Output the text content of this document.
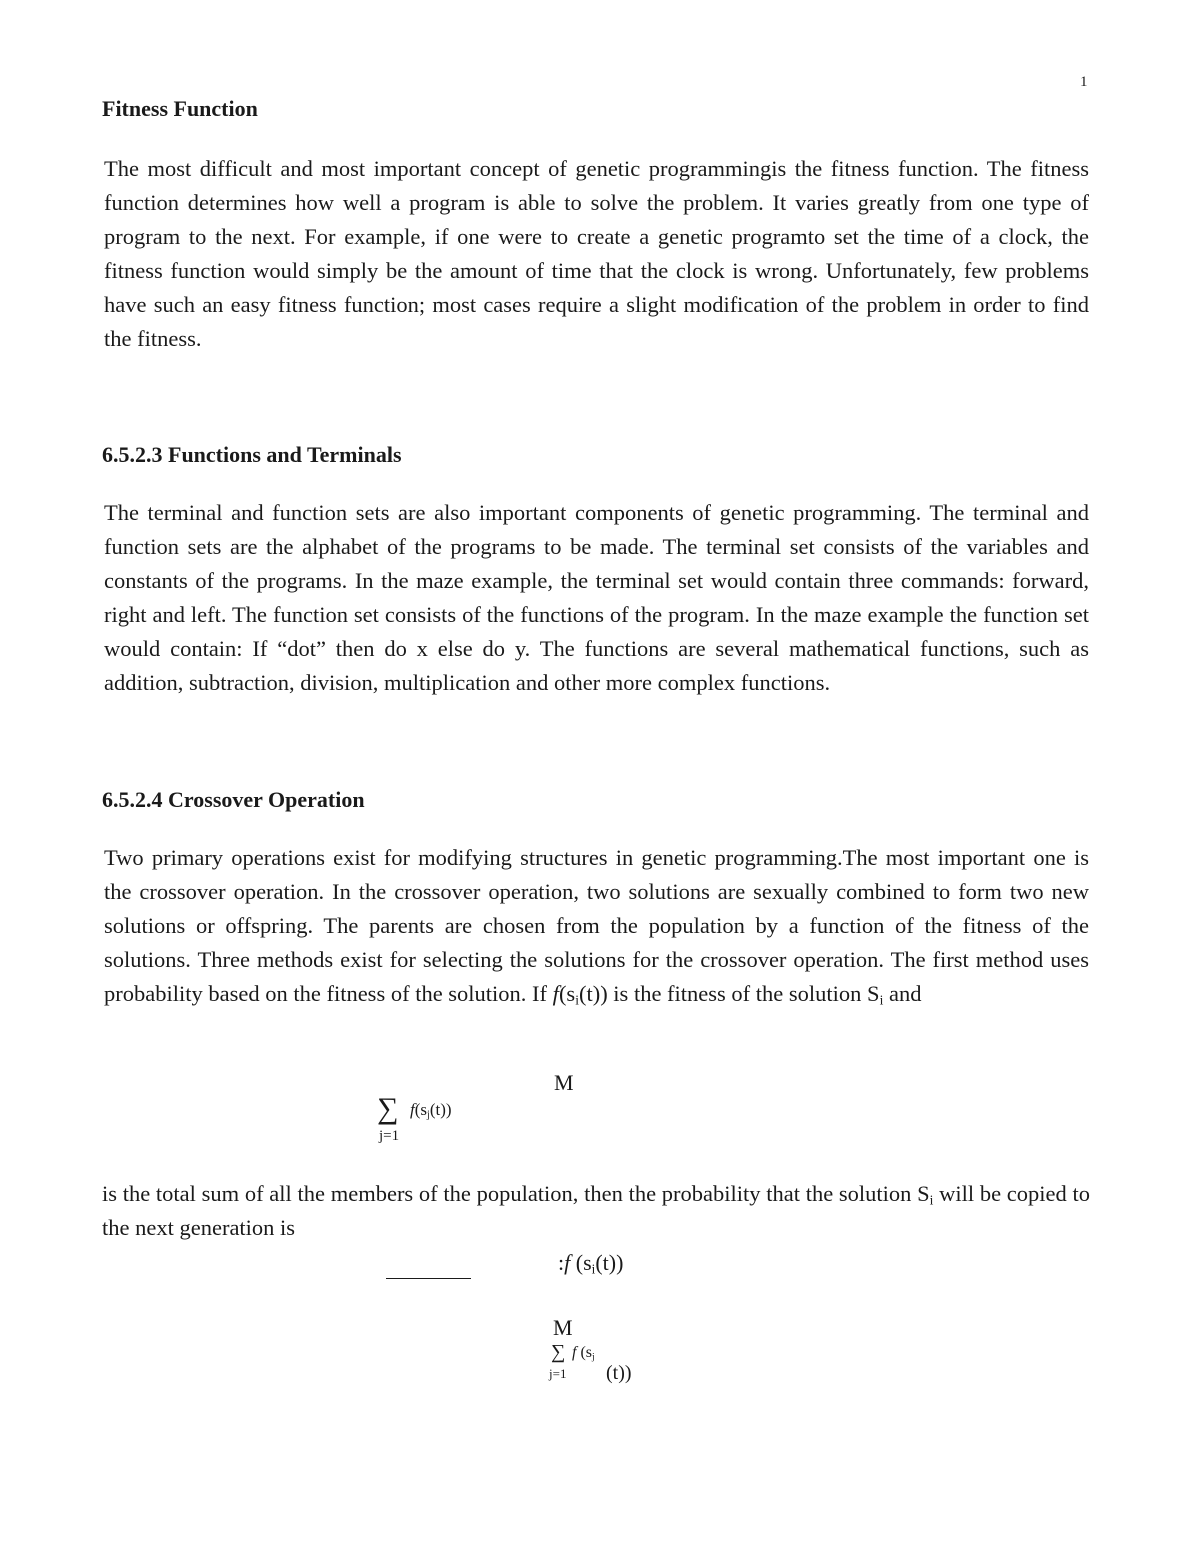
1
Fitness Function

The most difficult and most important concept of genetic programmingis the fitness function. The fitness function determines how well a program is able to solve the problem. It varies greatly from one type of program to the next. For example, if one were to create a genetic programto set the time of a clock, the fitness function would simply be the amount of time that the clock is wrong. Unfortunately, few problems have such an easy fitness function; most cases require a slight modification of the problem in order to find the fitness.

6.5.2.3 Functions and Terminals

The terminal and function sets are also important components of genetic programming. The terminal and function sets are the alphabet of the programs to be made. The terminal set consists of the variables and constants of the programs. In the maze example, the terminal set would contain three commands: forward, right and left. The function set consists of the functions of the program. In the maze example the function set would contain: If “dot” then do x else do y. The functions are several mathematical functions, such as addition, subtraction, division, multiplication and other more complex functions.

6.5.2.4 Crossover Operation

Two primary operations exist for modifying structures in genetic programming.The most important one is the crossover operation. In the crossover operation, two solutions are sexually combined to form two new solutions or offspring. The parents are chosen from the population by a function of the fitness of the solutions. Three methods exist for selecting the solutions for the crossover operation. The first method uses probability based on the fitness of the solution. If $f(s_i(t))$ is the fitness of the solution $S_i$ and

M
∑ $f(s_j(t))$
j=1

is the total sum of all the members of the population, then the probability that the solution $S_i$ will be copied to the next generation is

:f $(s_i(t))$
M
∑ f ($s_j$
j=1 (t))
